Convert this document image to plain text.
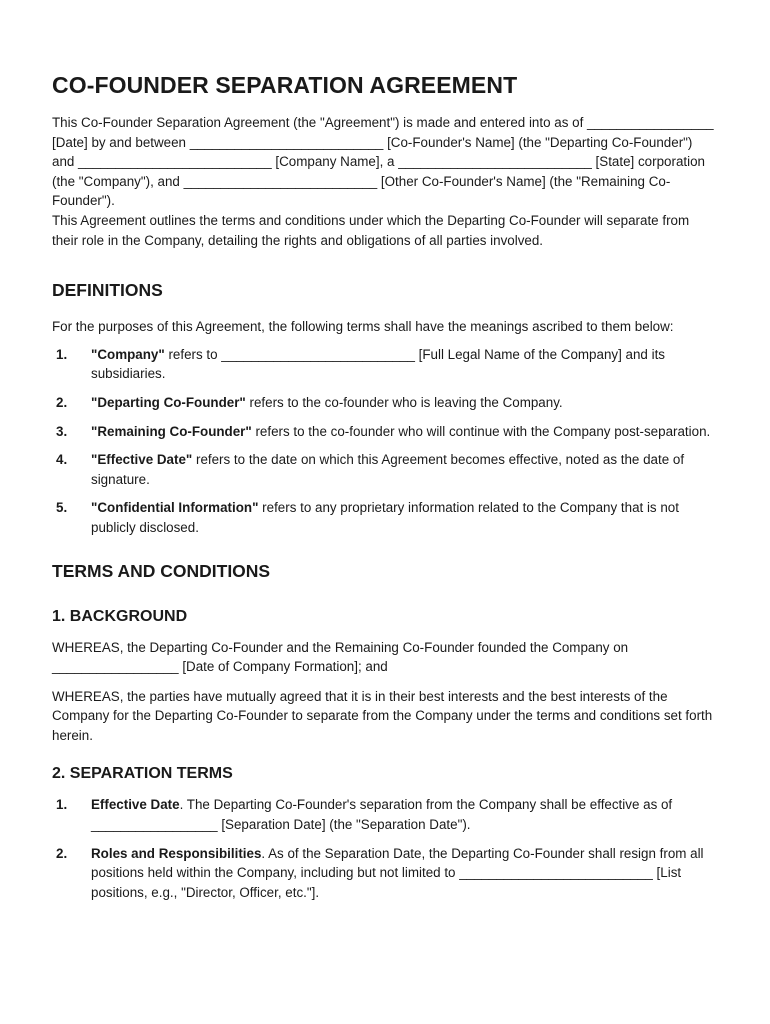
CO-FOUNDER SEPARATION AGREEMENT

This Co-Founder Separation Agreement (the "Agreement") is made and entered into as of _________________ [Date] by and between __________________________ [Co-Founder's Name] (the "Departing Co-Founder") and __________________________ [Company Name], a __________________________ [State] corporation (the "Company"), and __________________________ [Other Co-Founder's Name] (the "Remaining Co-Founder").

This Agreement outlines the terms and conditions under which the Departing Co-Founder will separate from their role in the Company, detailing the rights and obligations of all parties involved.

DEFINITIONS

For the purposes of this Agreement, the following terms shall have the meanings ascribed to them below:

1. "Company" refers to __________________________ [Full Legal Name of the Company] and its subsidiaries.
2. "Departing Co-Founder" refers to the co-founder who is leaving the Company.
3. "Remaining Co-Founder" refers to the co-founder who will continue with the Company post-separation.
4. "Effective Date" refers to the date on which this Agreement becomes effective, noted as the date of signature.
5. "Confidential Information" refers to any proprietary information related to the Company that is not publicly disclosed.
TERMS AND CONDITIONS
1. BACKGROUND

WHEREAS, the Departing Co-Founder and the Remaining Co-Founder founded the Company on _________________ [Date of Company Formation]; and

WHEREAS, the parties have mutually agreed that it is in their best interests and the best interests of the Company for the Departing Co-Founder to separate from the Company under the terms and conditions set forth herein.

2. SEPARATION TERMS
1. Effective Date. The Departing Co-Founder's separation from the Company shall be effective as of _________________ [Separation Date] (the "Separation Date").
2. Roles and Responsibilities. As of the Separation Date, the Departing Co-Founder shall resign from all positions held within the Company, including but not limited to __________________________ [List positions, e.g., "Director, Officer, etc."].
